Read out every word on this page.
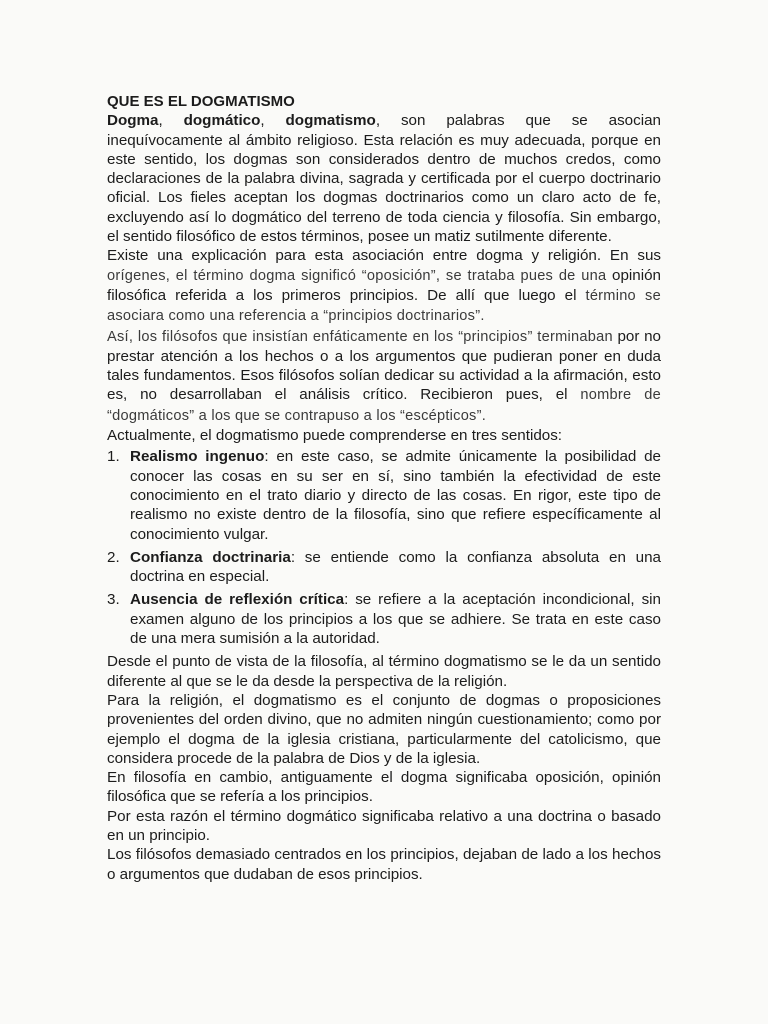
QUE ES EL DOGMATISMO

Dogma, dogmático, dogmatismo, son palabras que se asocian inequívocamente al ámbito religioso. Esta relación es muy adecuada, porque en este sentido, los dogmas son considerados dentro de muchos credos, como declaraciones de la palabra divina, sagrada y certificada por el cuerpo doctrinario oficial. Los fieles aceptan los dogmas doctrinarios como un claro acto de fe, excluyendo así lo dogmático del terreno de toda ciencia y filosofía. Sin embargo, el sentido filosófico de estos términos, posee un matiz sutilmente diferente.

Existe una explicación para esta asociación entre dogma y religión. En sus orígenes, el término dogma significó “oposición”, se trataba pues de una opinión filosófica referida a los primeros principios. De allí que luego el término se asociara como una referencia a “principios doctrinarios”.

Así, los filósofos que insistían enfáticamente en los “principios” terminaban por no prestar atención a los hechos o a los argumentos que pudieran poner en duda tales fundamentos. Esos filósofos solían dedicar su actividad a la afirmación, esto es, no desarrollaban el análisis crítico. Recibieron pues, el nombre de “dogmáticos” a los que se contrapuso a los “escépticos”.

Actualmente, el dogmatismo puede comprenderse en tres sentidos:

1. Realismo ingenuo: en este caso, se admite únicamente la posibilidad de conocer las cosas en su ser en sí, sino también la efectividad de este conocimiento en el trato diario y directo de las cosas. En rigor, este tipo de realismo no existe dentro de la filosofía, sino que refiere específicamente al conocimiento vulgar.
2. Confianza doctrinaria: se entiende como la confianza absoluta en una doctrina en especial.
3. Ausencia de reflexión crítica: se refiere a la aceptación incondicional, sin examen alguno de los principios a los que se adhiere. Se trata en este caso de una mera sumisión a la autoridad.

Desde el punto de vista de la filosofía, al término dogmatismo se le da un sentido diferente al que se le da desde la perspectiva de la religión.

Para la religión, el dogmatismo es el conjunto de dogmas o proposiciones provenientes del orden divino, que no admiten ningún cuestionamiento; como por ejemplo el dogma de la iglesia cristiana, particularmente del catolicismo, que considera procede de la palabra de Dios y de la iglesia.

En filosofía en cambio, antiguamente el dogma significaba oposición, opinión filosófica que se refería a los principios.

Por esta razón el término dogmático significaba relativo a una doctrina o basado en un principio.

Los filósofos demasiado centrados en los principios, dejaban de lado a los hechos o argumentos que dudaban de esos principios.
